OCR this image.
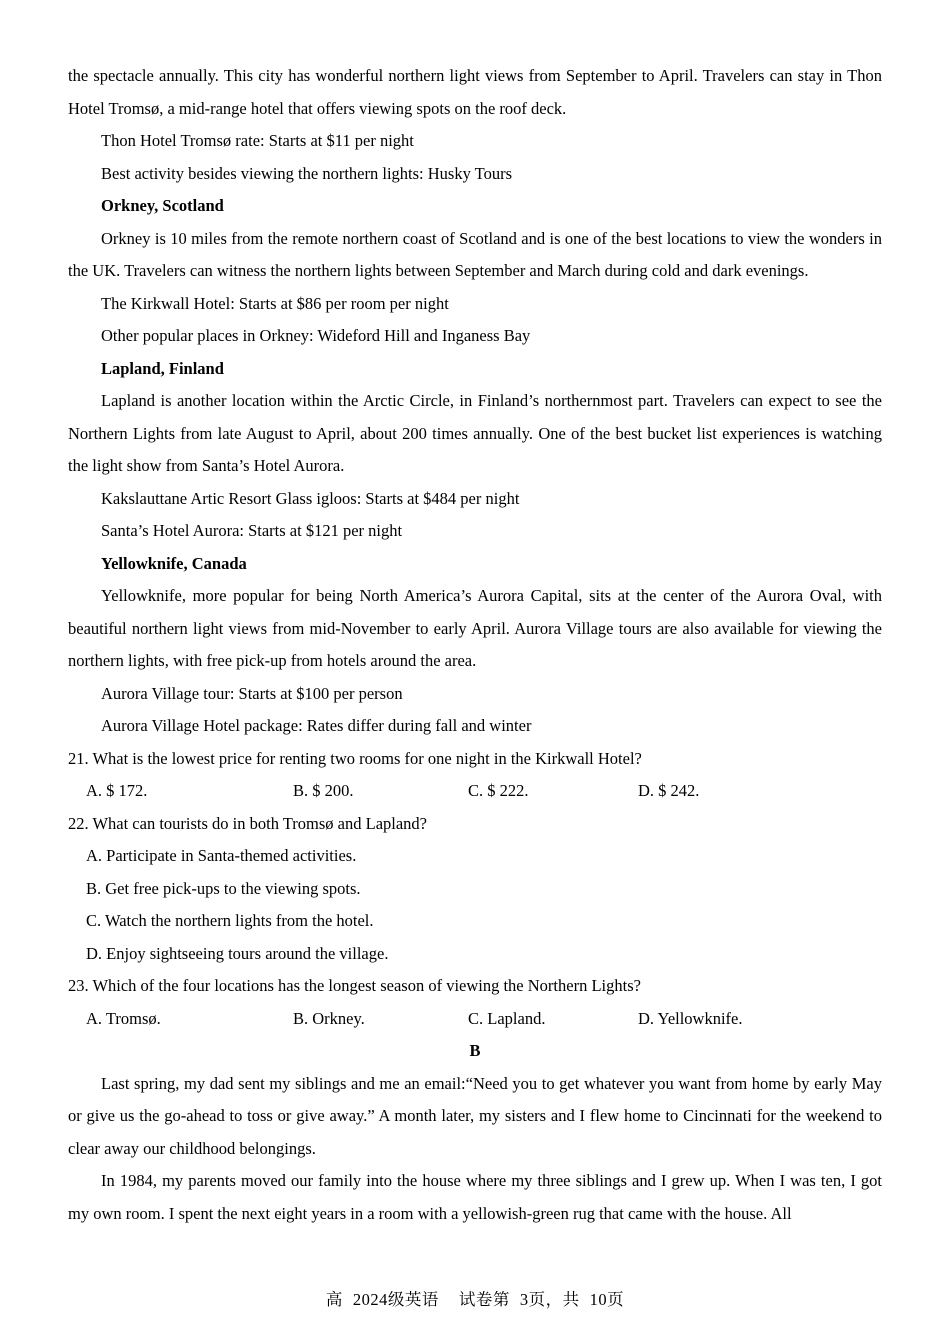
the spectacle annually. This city has wonderful northern light views from September to April. Travelers can stay in Thon Hotel Tromsø, a mid-range hotel that offers viewing spots on the roof deck.

Thon Hotel Tromsø rate: Starts at $11 per night

Best activity besides viewing the northern lights: Husky Tours

Orkney, Scotland

Orkney is 10 miles from the remote northern coast of Scotland and is one of the best locations to view the wonders in the UK. Travelers can witness the northern lights between September and March during cold and dark evenings.

The Kirkwall Hotel: Starts at $86 per room per night

Other popular places in Orkney: Wideford Hill and Inganess Bay

Lapland, Finland

Lapland is another location within the Arctic Circle, in Finland’s northernmost part. Travelers can expect to see the Northern Lights from late August to April, about 200 times annually. One of the best bucket list experiences is watching the light show from Santa’s Hotel Aurora.

Kakslauttane Artic Resort Glass igloos: Starts at $484 per night

Santa’s Hotel Aurora: Starts at $121 per night

Yellowknife, Canada

Yellowknife, more popular for being North America’s Aurora Capital, sits at the center of the Aurora Oval, with beautiful northern light views from mid-November to early April. Aurora Village tours are also available for viewing the northern lights, with free pick-up from hotels around the area.

Aurora Village tour: Starts at $100 per person

Aurora Village Hotel package: Rates differ during fall and winter

21. What is the lowest price for renting two rooms for one night in the Kirkwall Hotel?

A. $ 172.	B. $ 200.	C. $ 222.	D. $ 242.

22. What can tourists do in both Tromsø and Lapland?

A. Participate in Santa-themed activities.

B. Get free pick-ups to the viewing spots.

C. Watch the northern lights from the hotel.

D. Enjoy sightseeing tours around the village.

23. Which of the four locations has the longest season of viewing the Northern Lights?

A. Tromsø.	B. Orkney.	C. Lapland.	D. Yellowknife.

B

Last spring, my dad sent my siblings and me an email:“Need you to get whatever you want from home by early May or give us the go-ahead to toss or give away.” A month later, my sisters and I flew home to Cincinnati for the weekend to clear away our childhood belongings.

In 1984, my parents moved our family into the house where my three siblings and I grew up. When I was ten, I got my own room. I spent the next eight years in a room with a yellowish-green rug that came with the house. All

高 2024级英语 试卷第 3页，共 10页
